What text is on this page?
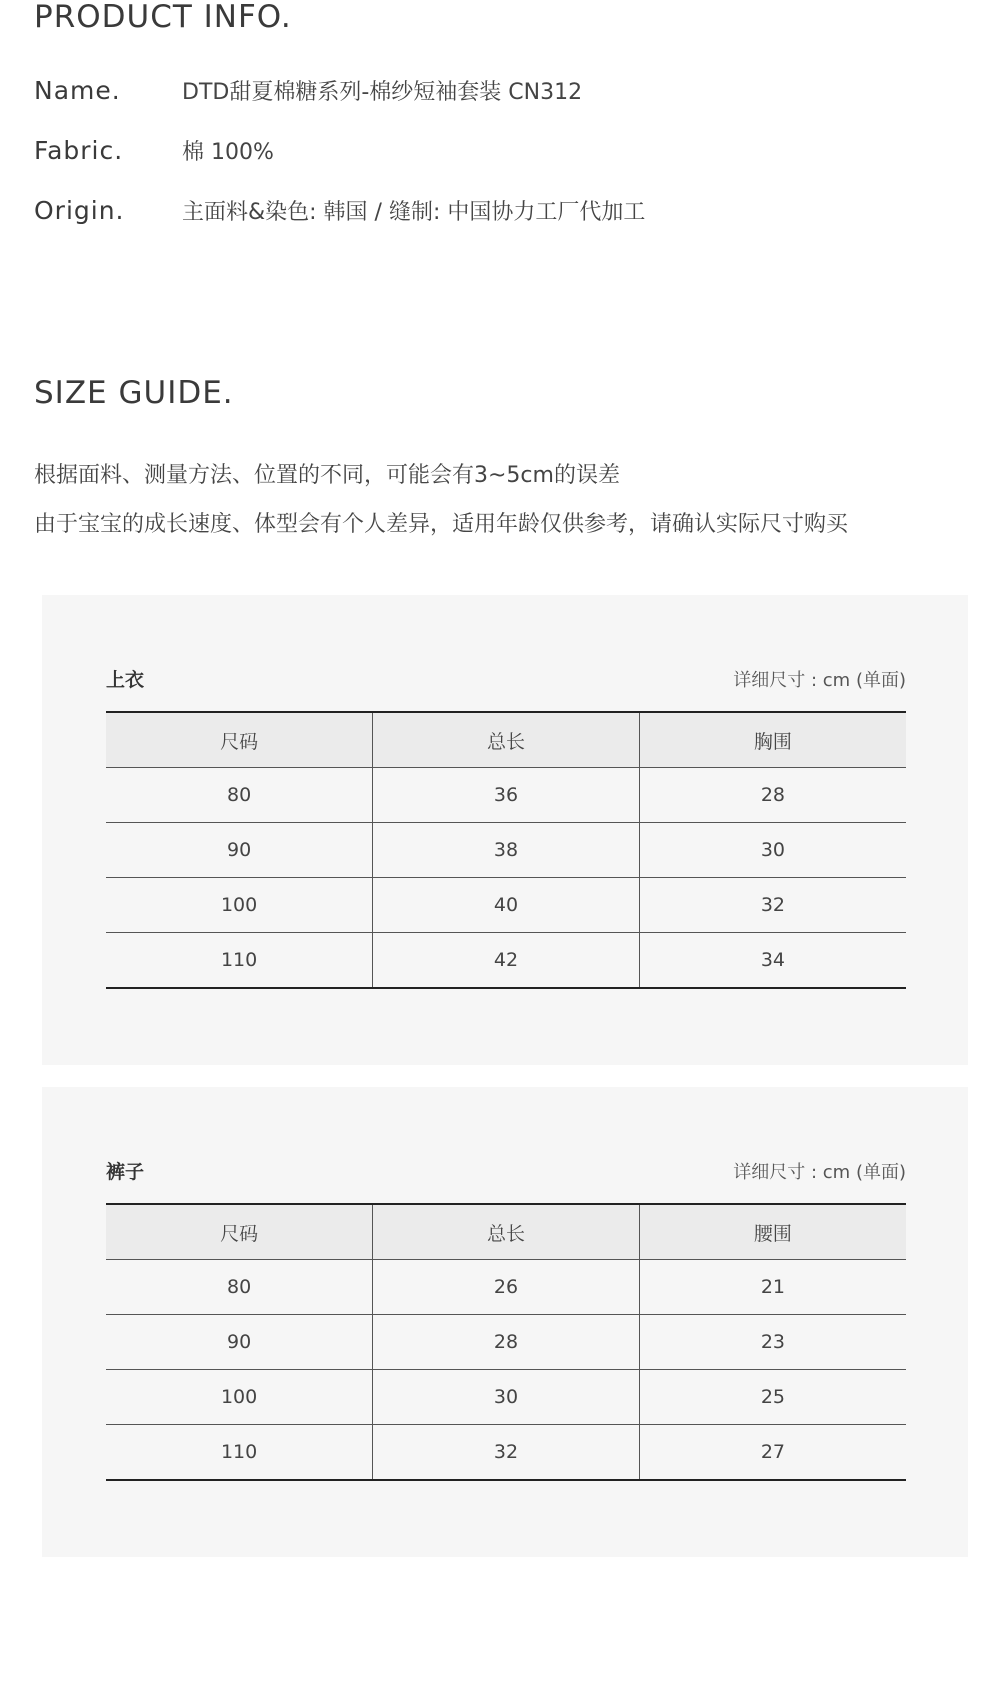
PRODUCT INFO.
Name.	DTD甜夏棉糖系列-棉纱短袖套装 CN312
Fabric.	棉 100%
Origin.	主面料&染色: 韩国 / 缝制: 中国协力工厂代加工
SIZE GUIDE.
根据面料、测量方法、位置的不同，可能会有3~5cm的误差
由于宝宝的成长速度、体型会有个人差异，适用年龄仅供参考，请确认实际尺寸购买
上衣	详细尺寸 : cm (单面)
尺码	总长	胸围
80	36	28
90	38	30
100	40	32
110	42	34
裤子	详细尺寸 : cm (单面)
尺码	总长	腰围
80	26	21
90	28	23
100	30	25
110	32	27
